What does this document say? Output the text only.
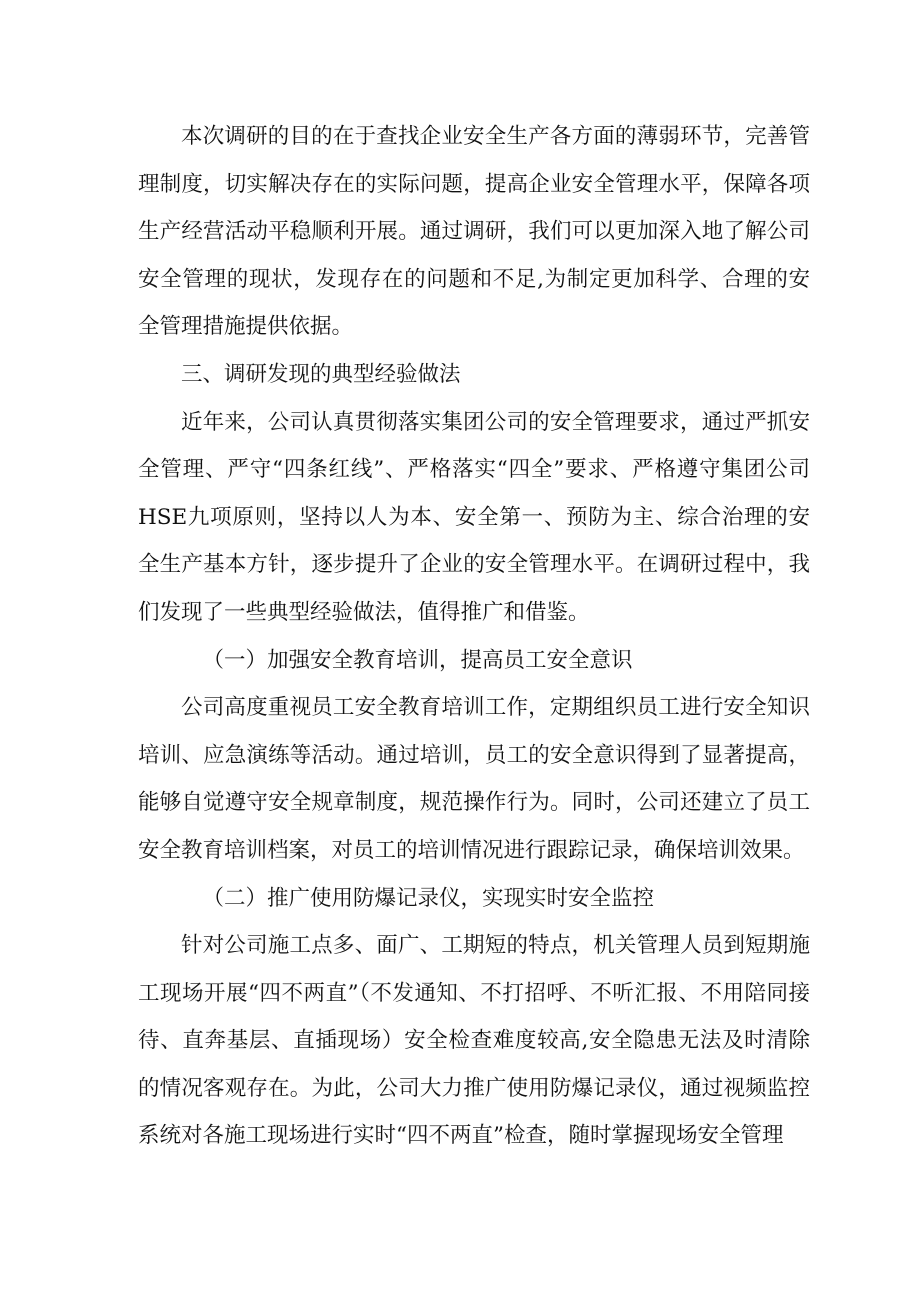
本次调研的目的在于查找企业安全生产各方面的薄弱环节，完善管理制度，切实解决存在的实际问题，提高企业安全管理水平，保障各项生产经营活动平稳顺利开展。通过调研，我们可以更加深入地了解公司安全管理的现状，发现存在的问题和不足,为制定更加科学、合理的安全管理措施提供依据。

三、调研发现的典型经验做法

近年来，公司认真贯彻落实集团公司的安全管理要求，通过严抓安全管理、严守“四条红线”、严格落实“四全”要求、严格遵守集团公司HSE九项原则，坚持以人为本、安全第一、预防为主、综合治理的安全生产基本方针，逐步提升了企业的安全管理水平。在调研过程中，我们发现了一些典型经验做法，值得推广和借鉴。

（一）加强安全教育培训，提高员工安全意识

公司高度重视员工安全教育培训工作，定期组织员工进行安全知识培训、应急演练等活动。通过培训，员工的安全意识得到了显著提高，能够自觉遵守安全规章制度，规范操作行为。同时，公司还建立了员工安全教育培训档案，对员工的培训情况进行跟踪记录，确保培训效果。

（二）推广使用防爆记录仪，实现实时安全监控

针对公司施工点多、面广、工期短的特点，机关管理人员到短期施工现场开展“四不两直”（不发通知、不打招呼、不听汇报、不用陪同接待、直奔基层、直插现场）安全检查难度较高,安全隐患无法及时清除的情况客观存在。为此，公司大力推广使用防爆记录仪，通过视频监控系统对各施工现场进行实时“四不两直”检查，随时掌握现场安全管理
